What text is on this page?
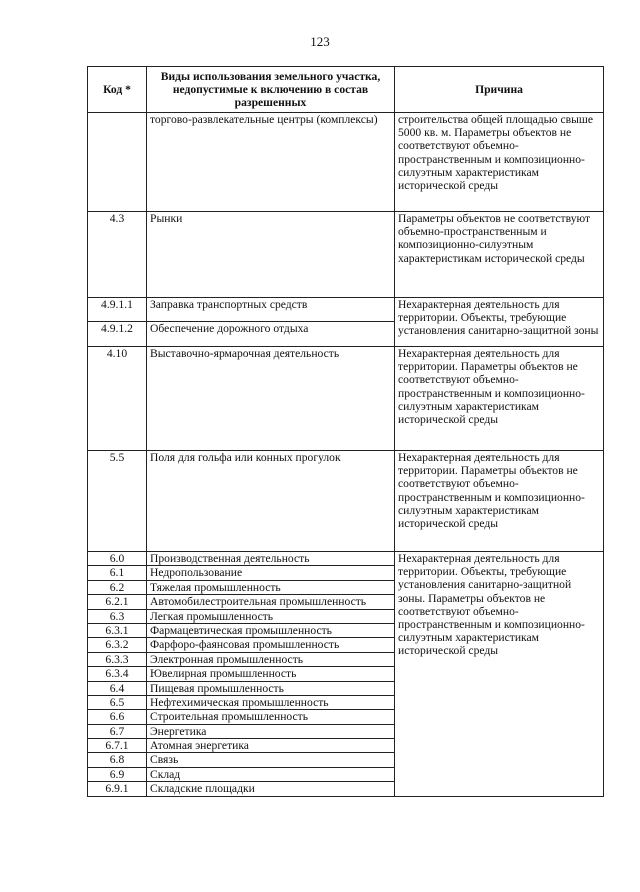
123
Код *	Виды использования земельного участка, недопустимые к включению в состав разрешенных	Причина
	торгово-развлекательные центры (комплексы)	строительства общей площадью свыше 5000 кв. м. Параметры объектов не соответствуют объемно-пространственным и композиционно-силуэтным характеристикам исторической среды
4.3	Рынки	Параметры объектов не соответствуют объемно-пространственным и композиционно-силуэтным характеристикам исторической среды
4.9.1.1	Заправка транспортных средств	Нехарактерная деятельность для территории. Объекты, требующие установления санитарно-защитной зоны
4.9.1.2	Обеспечение дорожного отдыха	
4.10	Выставочно-ярмарочная деятельность	Нехарактерная деятельность для территории. Параметры объектов не соответствуют объемно-пространственным и композиционно-силуэтным характеристикам исторической среды
5.5	Поля для гольфа или конных прогулок	Нехарактерная деятельность для территории. Параметры объектов не соответствуют объемно-пространственным и композиционно-силуэтным характеристикам исторической среды
6.0	Производственная деятельность	Нехарактерная деятельность для территории. Объекты, требующие установления санитарно-защитной зоны. Параметры объектов не соответствуют объемно-пространственным и композиционно-силуэтным характеристикам исторической среды
6.1	Недропользование	
6.2	Тяжелая промышленность	
6.2.1	Автомобилестроительная промышленность	
6.3	Легкая промышленность	
6.3.1	Фармацевтическая промышленность	
6.3.2	Фарфоро-фаянсовая промышленность	
6.3.3	Электронная промышленность	
6.3.4	Ювелирная промышленность	
6.4	Пищевая промышленность	
6.5	Нефтехимическая промышленность	
6.6	Строительная промышленность	
6.7	Энергетика	
6.7.1	Атомная энергетика	
6.8	Связь	
6.9	Склад	
6.9.1	Складские площадки	
